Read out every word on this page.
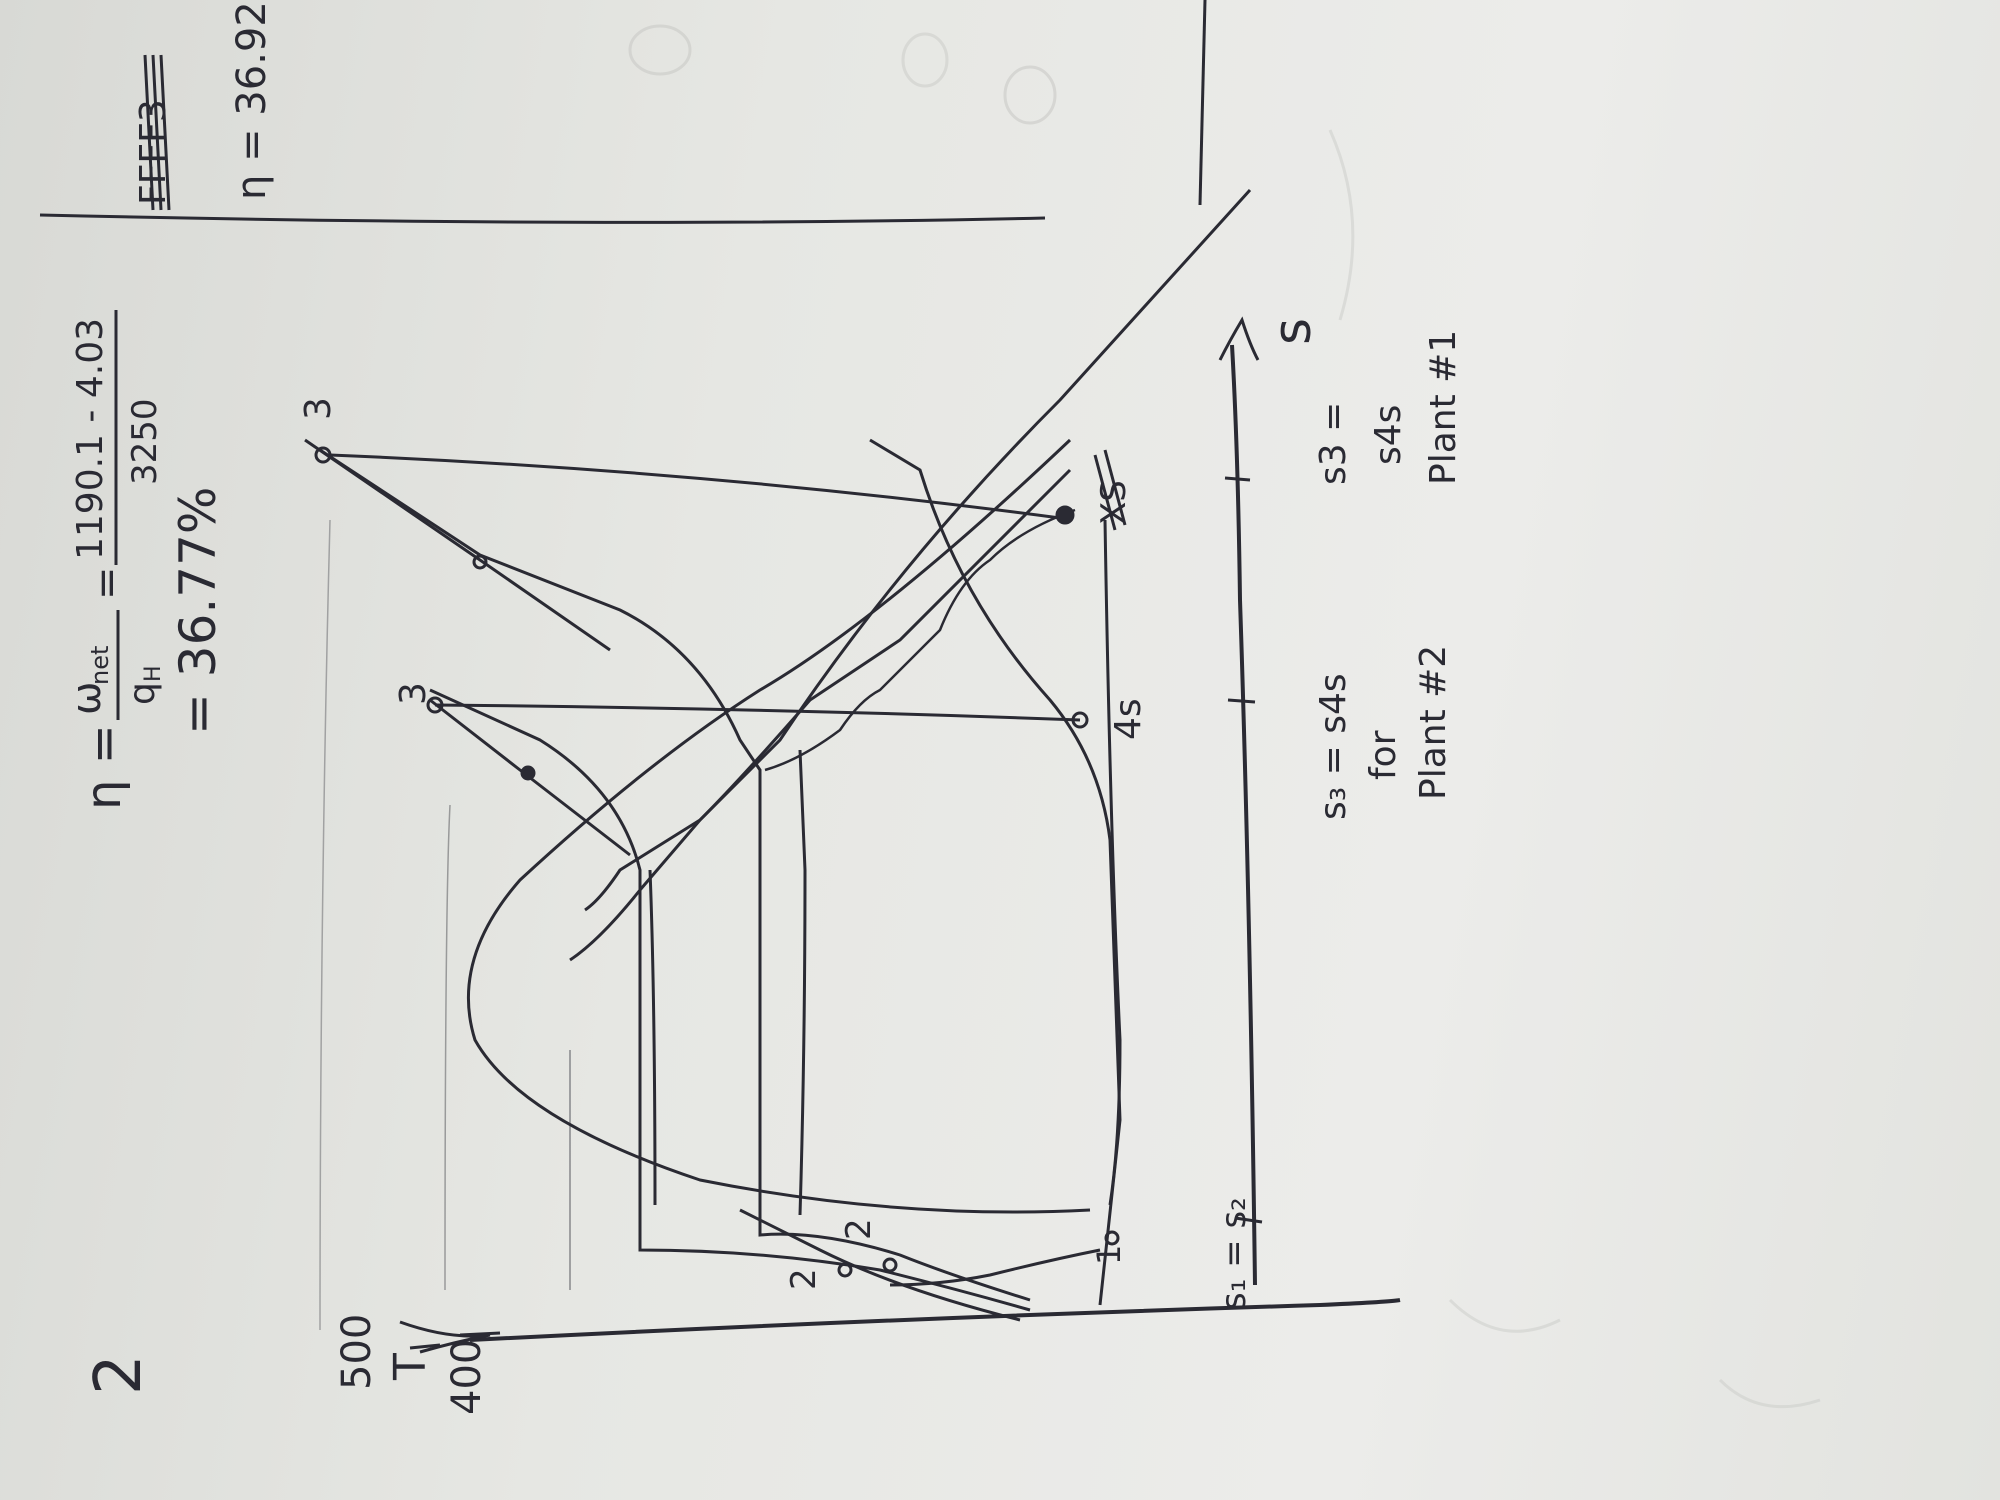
2
η =
ω
net
q
H
=
1190.1 - 4.03 3250
= 36.77%
FFFF3 η = 36.92
500 400
T
s
3
3
2
2
1
4s
XS
s₁ = s₂
s₃ = s4s for Plant #2
s3 = s4s Plant #1
